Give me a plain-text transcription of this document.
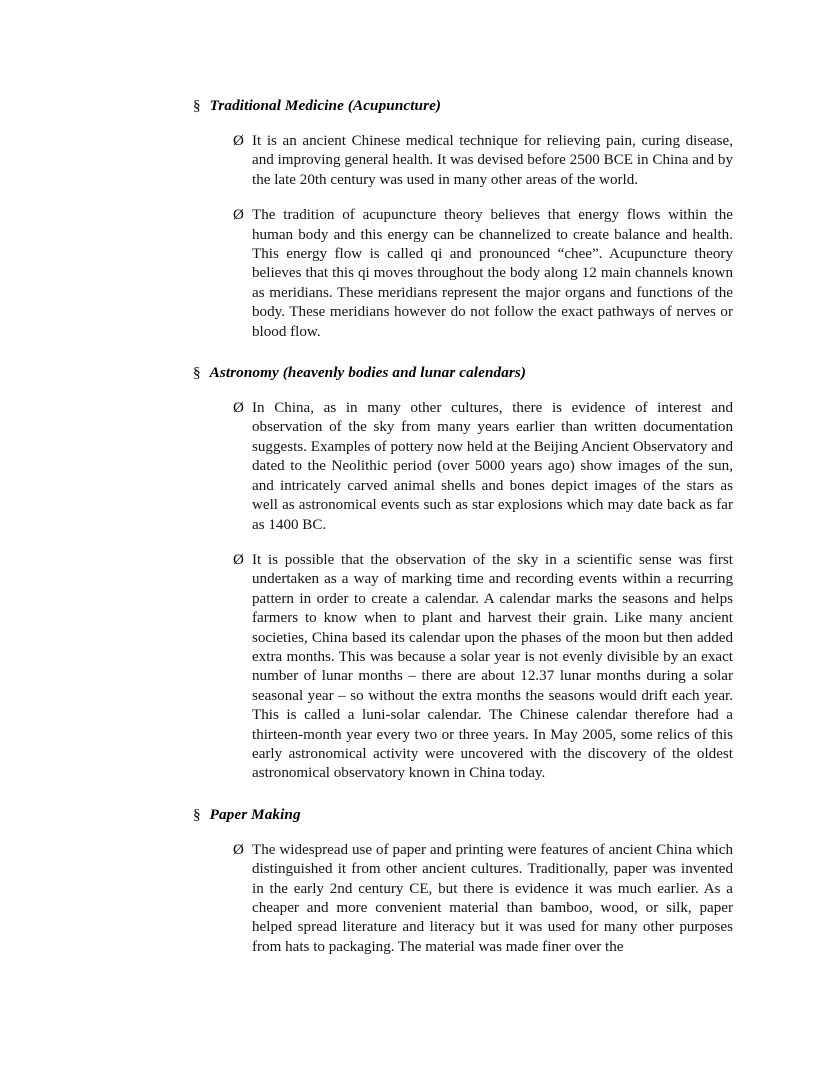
§ Traditional Medicine (Acupuncture)
Ø It is an ancient Chinese medical technique for relieving pain, curing disease, and improving general health. It was devised before 2500 BCE in China and by the late 20th century was used in many other areas of the world.
Ø The tradition of acupuncture theory believes that energy flows within the human body and this energy can be channelized to create balance and health. This energy flow is called qi and pronounced “chee”. Acupuncture theory believes that this qi moves throughout the body along 12 main channels known as meridians. These meridians represent the major organs and functions of the body. These meridians however do not follow the exact pathways of nerves or blood flow.
§ Astronomy (heavenly bodies and lunar calendars)
Ø In China, as in many other cultures, there is evidence of interest and observation of the sky from many years earlier than written documentation suggests. Examples of pottery now held at the Beijing Ancient Observatory and dated to the Neolithic period (over 5000 years ago) show images of the sun, and intricately carved animal shells and bones depict images of the stars as well as astronomical events such as star explosions which may date back as far as 1400 BC.
Ø It is possible that the observation of the sky in a scientific sense was first undertaken as a way of marking time and recording events within a recurring pattern in order to create a calendar. A calendar marks the seasons and helps farmers to know when to plant and harvest their grain. Like many ancient societies, China based its calendar upon the phases of the moon but then added extra months. This was because a solar year is not evenly divisible by an exact number of lunar months – there are about 12.37 lunar months during a solar seasonal year – so without the extra months the seasons would drift each year. This is called a luni-solar calendar. The Chinese calendar therefore had a thirteen-month year every two or three years. In May 2005, some relics of this early astronomical activity were uncovered with the discovery of the oldest astronomical observatory known in China today.
§ Paper Making
Ø The widespread use of paper and printing were features of ancient China which distinguished it from other ancient cultures. Traditionally, paper was invented in the early 2nd century CE, but there is evidence it was much earlier. As a cheaper and more convenient material than bamboo, wood, or silk, paper helped spread literature and literacy but it was used for many other purposes from hats to packaging. The material was made finer over the
